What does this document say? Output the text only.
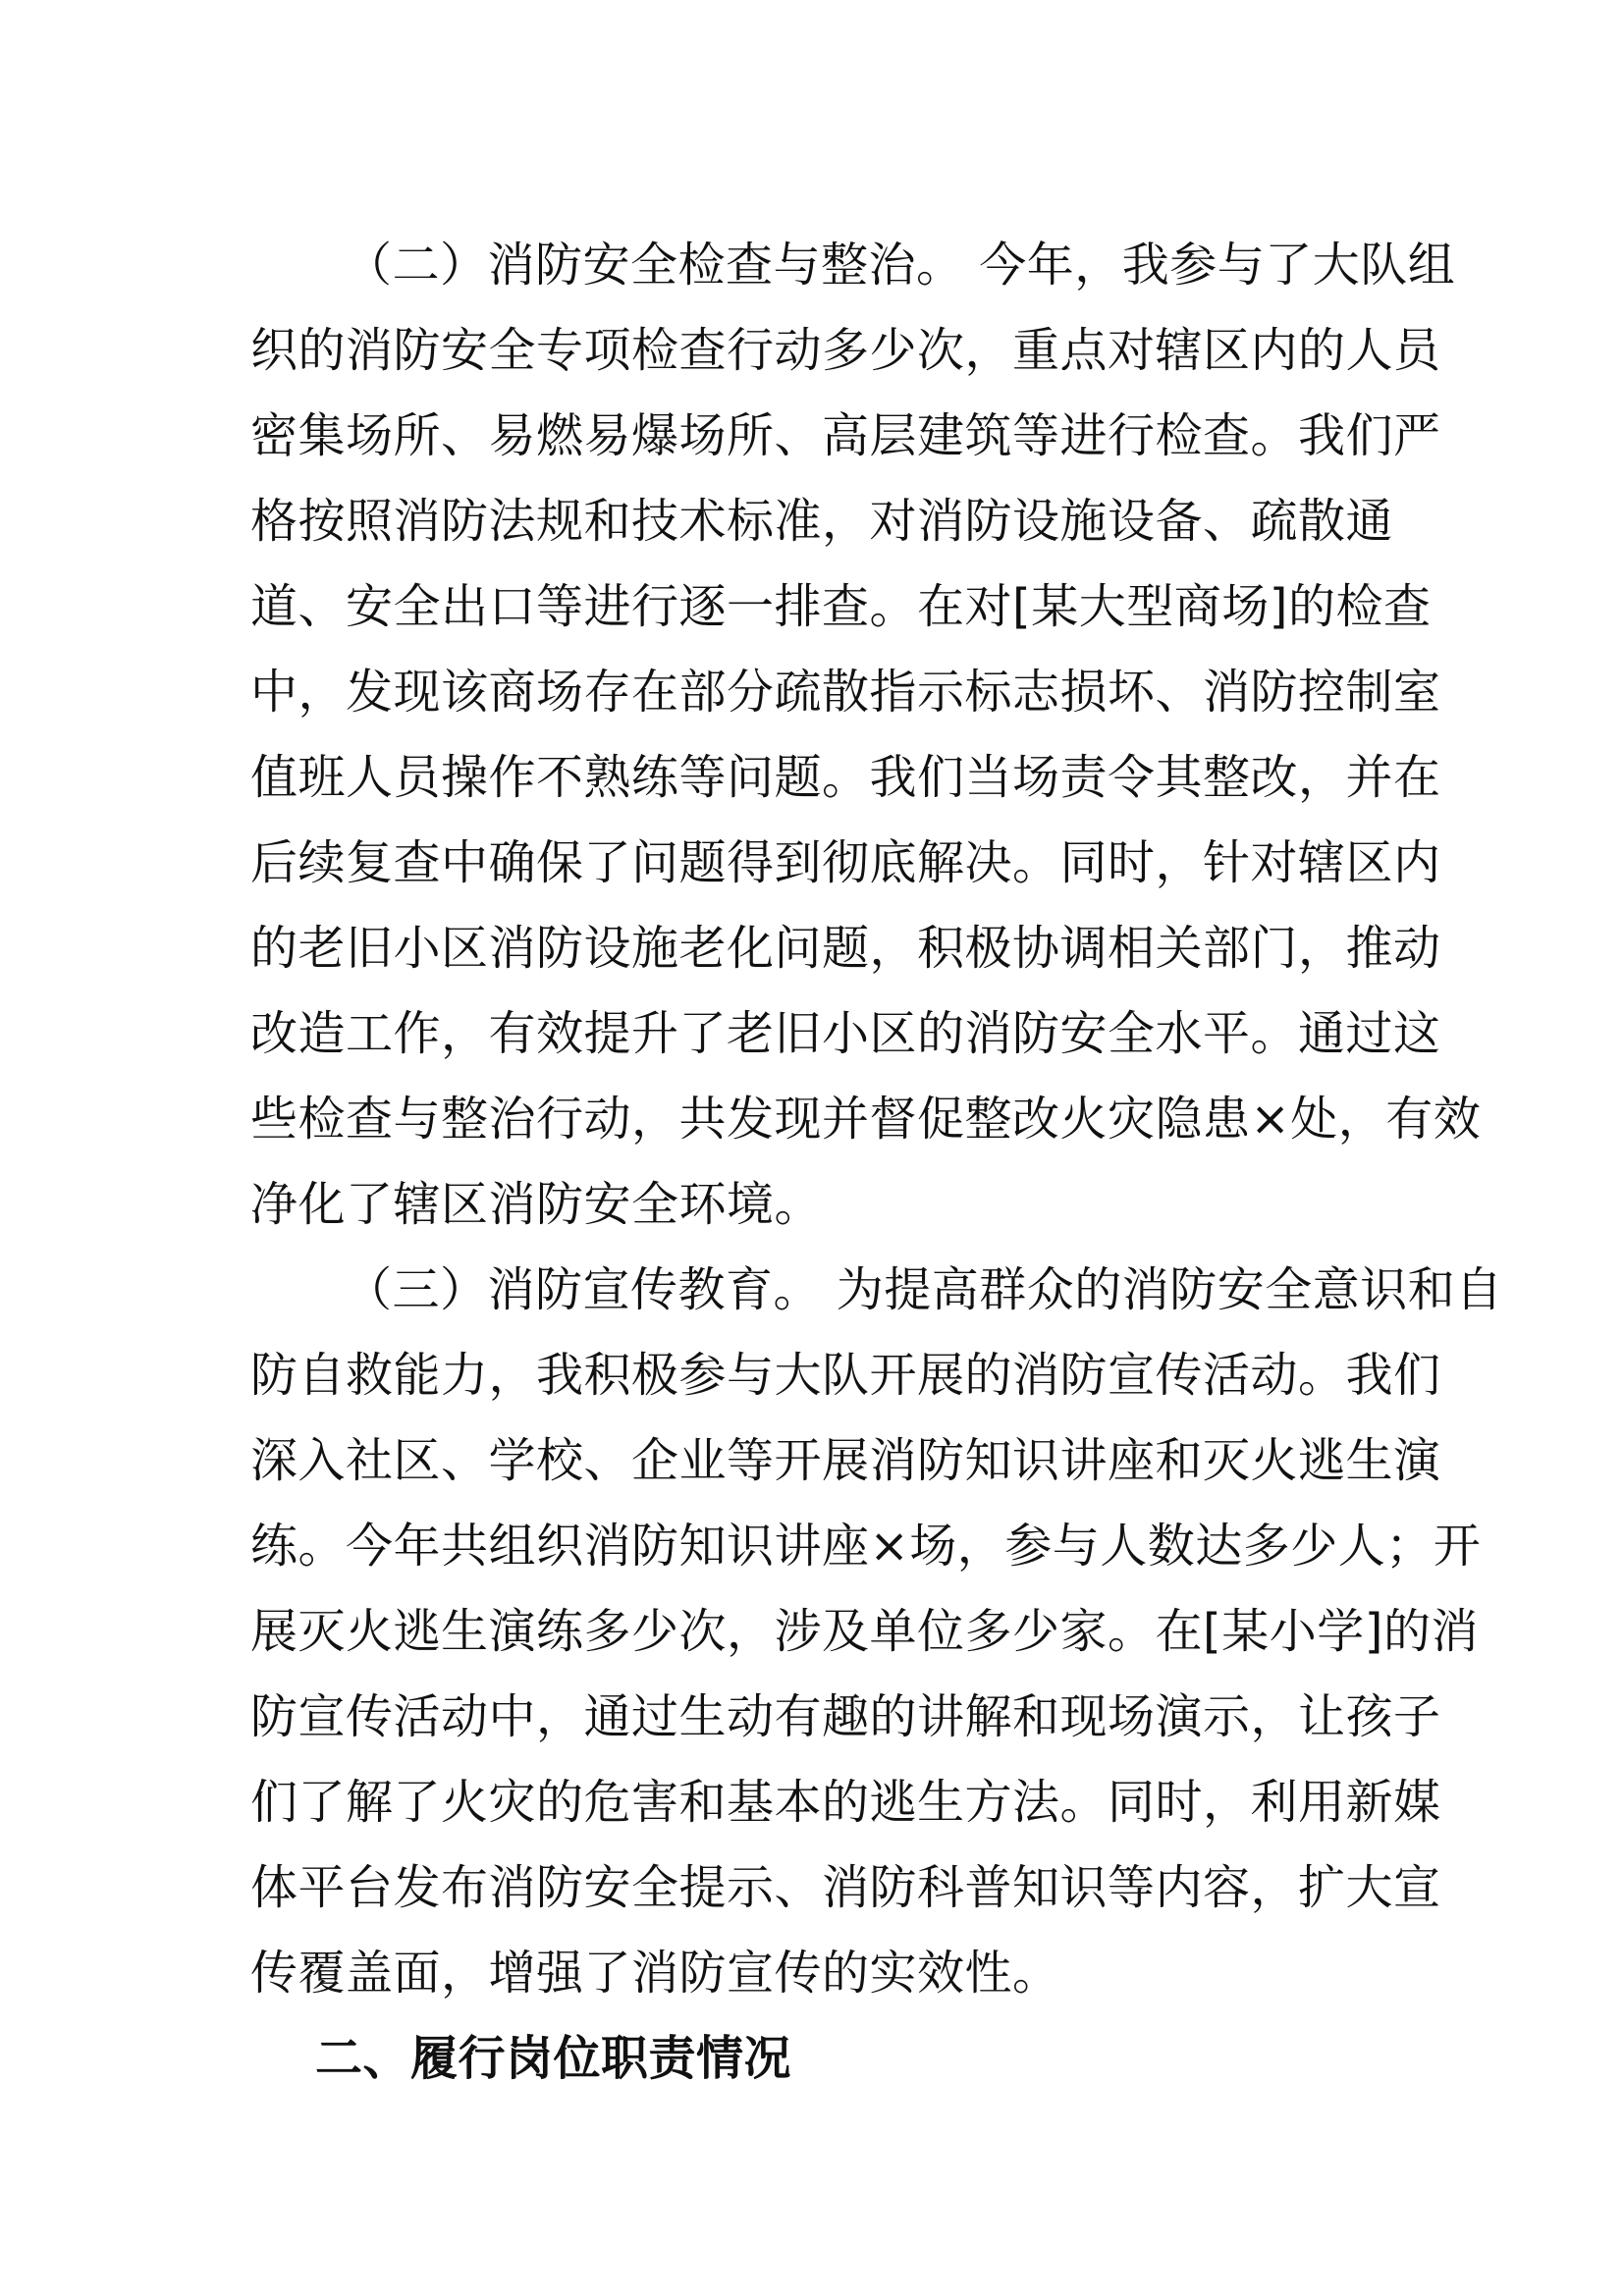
（二）消防安全检查与整治。 今年，我参与了大队组
织的消防安全专项检查行动多少次，重点对辖区内的人员
密集场所、易燃易爆场所、高层建筑等进行检查。我们严
格按照消防法规和技术标准，对消防设施设备、疏散通
道、安全出口等进行逐一排查。在对[某大型商场]的检查
中，发现该商场存在部分疏散指示标志损坏、消防控制室
值班人员操作不熟练等问题。我们当场责令其整改，并在
后续复查中确保了问题得到彻底解决。同时，针对辖区内
的老旧小区消防设施老化问题，积极协调相关部门，推动
改造工作，有效提升了老旧小区的消防安全水平。通过这
些检查与整治行动，共发现并督促整改火灾隐患×处，有效
净化了辖区消防安全环境。
（三）消防宣传教育。 为提高群众的消防安全意识和自
防自救能力，我积极参与大队开展的消防宣传活动。我们
深入社区、学校、企业等开展消防知识讲座和灭火逃生演
练。今年共组织消防知识讲座×场，参与人数达多少人；开
展灭火逃生演练多少次，涉及单位多少家。在[某小学]的消
防宣传活动中，通过生动有趣的讲解和现场演示，让孩子
们了解了火灾的危害和基本的逃生方法。同时，利用新媒
体平台发布消防安全提示、消防科普知识等内容，扩大宣
传覆盖面，增强了消防宣传的实效性。
二、履行岗位职责情况
